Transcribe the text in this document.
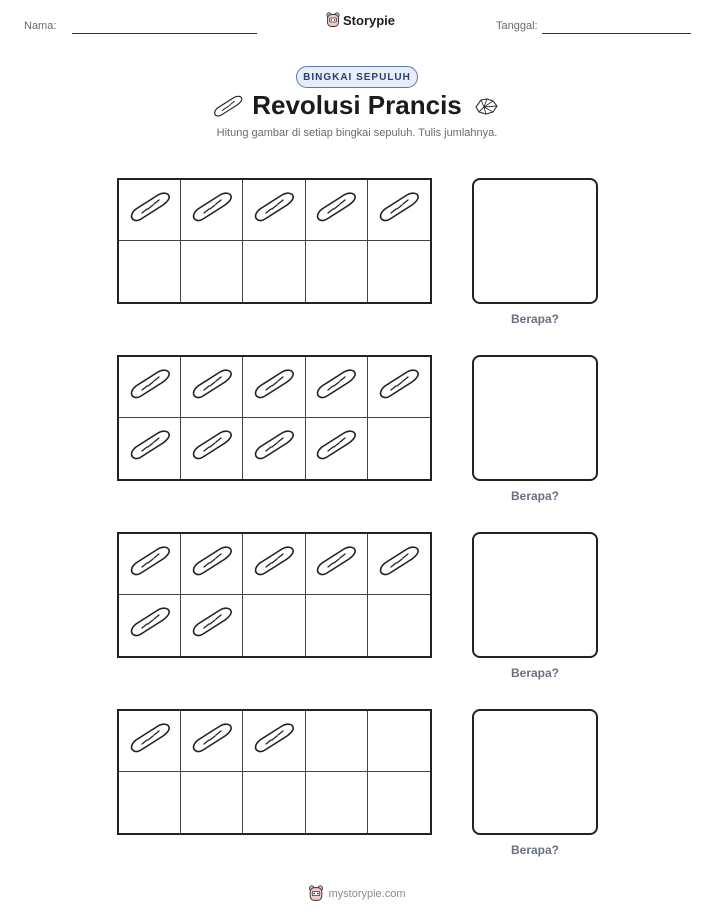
Nama:	Storypie	Tanggal:
BINGKAI SEPULUH
Revolusi Prancis
Hitung gambar di setiap bingkai sepuluh. Tulis jumlahnya.
Berapa?
Berapa?
Berapa?
Berapa?
mystorypie.com
